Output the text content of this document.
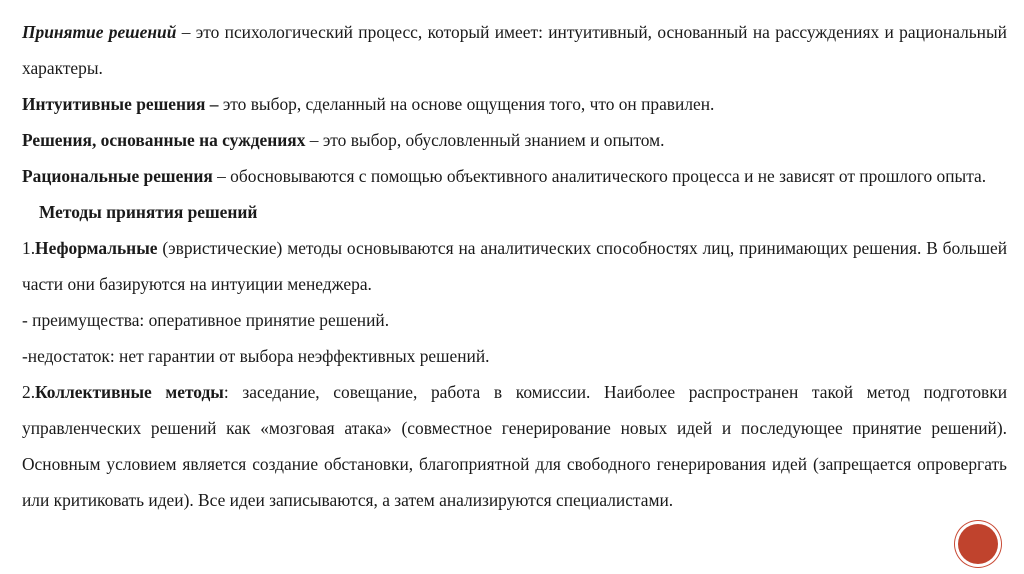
Принятие решений – это психологический процесс, который имеет: интуитивный, основанный на рассуждениях и рациональный характеры.

Интуитивные решения – это выбор, сделанный на основе ощущения того, что он правилен.

Решения, основанные на суждениях – это выбор, обусловленный знанием и опытом.

Рациональные решения – обосновываются с помощью объективного аналитического процесса и не зависят от прошлого опыта.

Методы принятия решений

1.Неформальные (эвристические) методы основываются на аналитических способностях лиц, принимающих решения. В большей части они базируются на интуиции менеджера.

- преимущества: оперативное принятие решений.

-недостаток: нет гарантии от выбора неэффективных решений.

2.Коллективные методы: заседание, совещание, работа в комиссии. Наиболее распространен такой метод подготовки управленческих решений как «мозговая атака» (совместное генерирование новых идей и последующее принятие решений). Основным условием является создание обстановки, благоприятной для свободного генерирования идей (запрещается опровергать или критиковать идеи). Все идеи записываются, а затем анализируются специалистами.
